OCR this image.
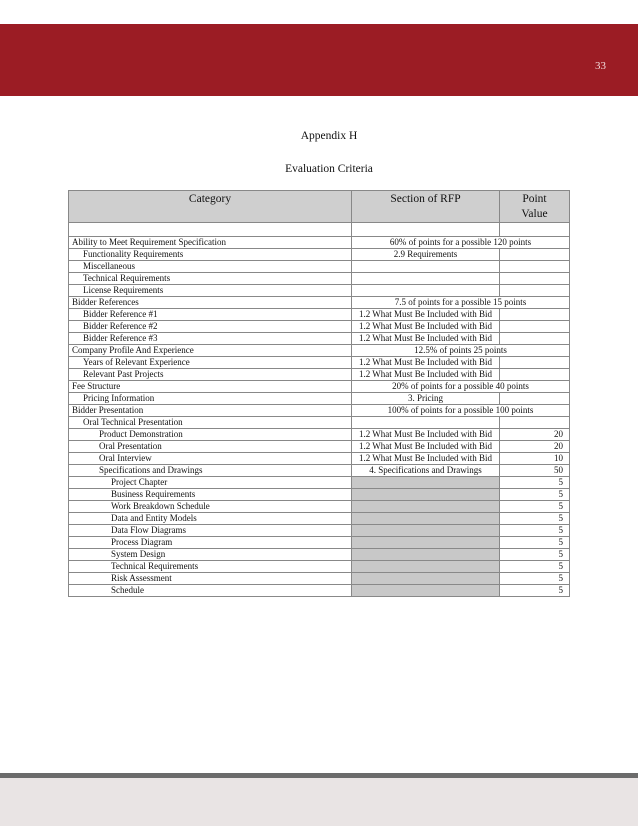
33
Appendix H
Evaluation Criteria
Category	Section of RFP	Point
Value

Ability to Meet Requirement Specification	60% of points for a possible 120 points	
Functionality Requirements	2.9 Requirements	
Miscellaneous		
Technical Requirements		
License Requirements		
Bidder References	7.5 of points for a possible 15 points	
Bidder Reference #1	1.2 What Must Be Included with Bid	
Bidder Reference #2	1.2 What Must Be Included with Bid	
Bidder Reference #3	1.2 What Must Be Included with Bid	
Company Profile And Experience	12.5% of points 25 points	
Years of Relevant Experience	1.2 What Must Be Included with Bid	
Relevant Past Projects	1.2 What Must Be Included with Bid	
Fee Structure	20% of points for a possible 40 points	
Pricing Information	3. Pricing	
Bidder Presentation	100% of points for a possible 100 points	
Oral Technical Presentation		
Product Demonstration	1.2 What Must Be Included with Bid	20
Oral Presentation	1.2 What Must Be Included with Bid	20
Oral Interview	1.2 What Must Be Included with Bid	10
Specifications and Drawings	4. Specifications and Drawings	50
Project Chapter		5
Business Requirements		5
Work Breakdown Schedule		5
Data and Entity Models		5
Data Flow Diagrams		5
Process Diagram		5
System Design		5
Technical Requirements		5
Risk Assessment		5
Schedule		5
